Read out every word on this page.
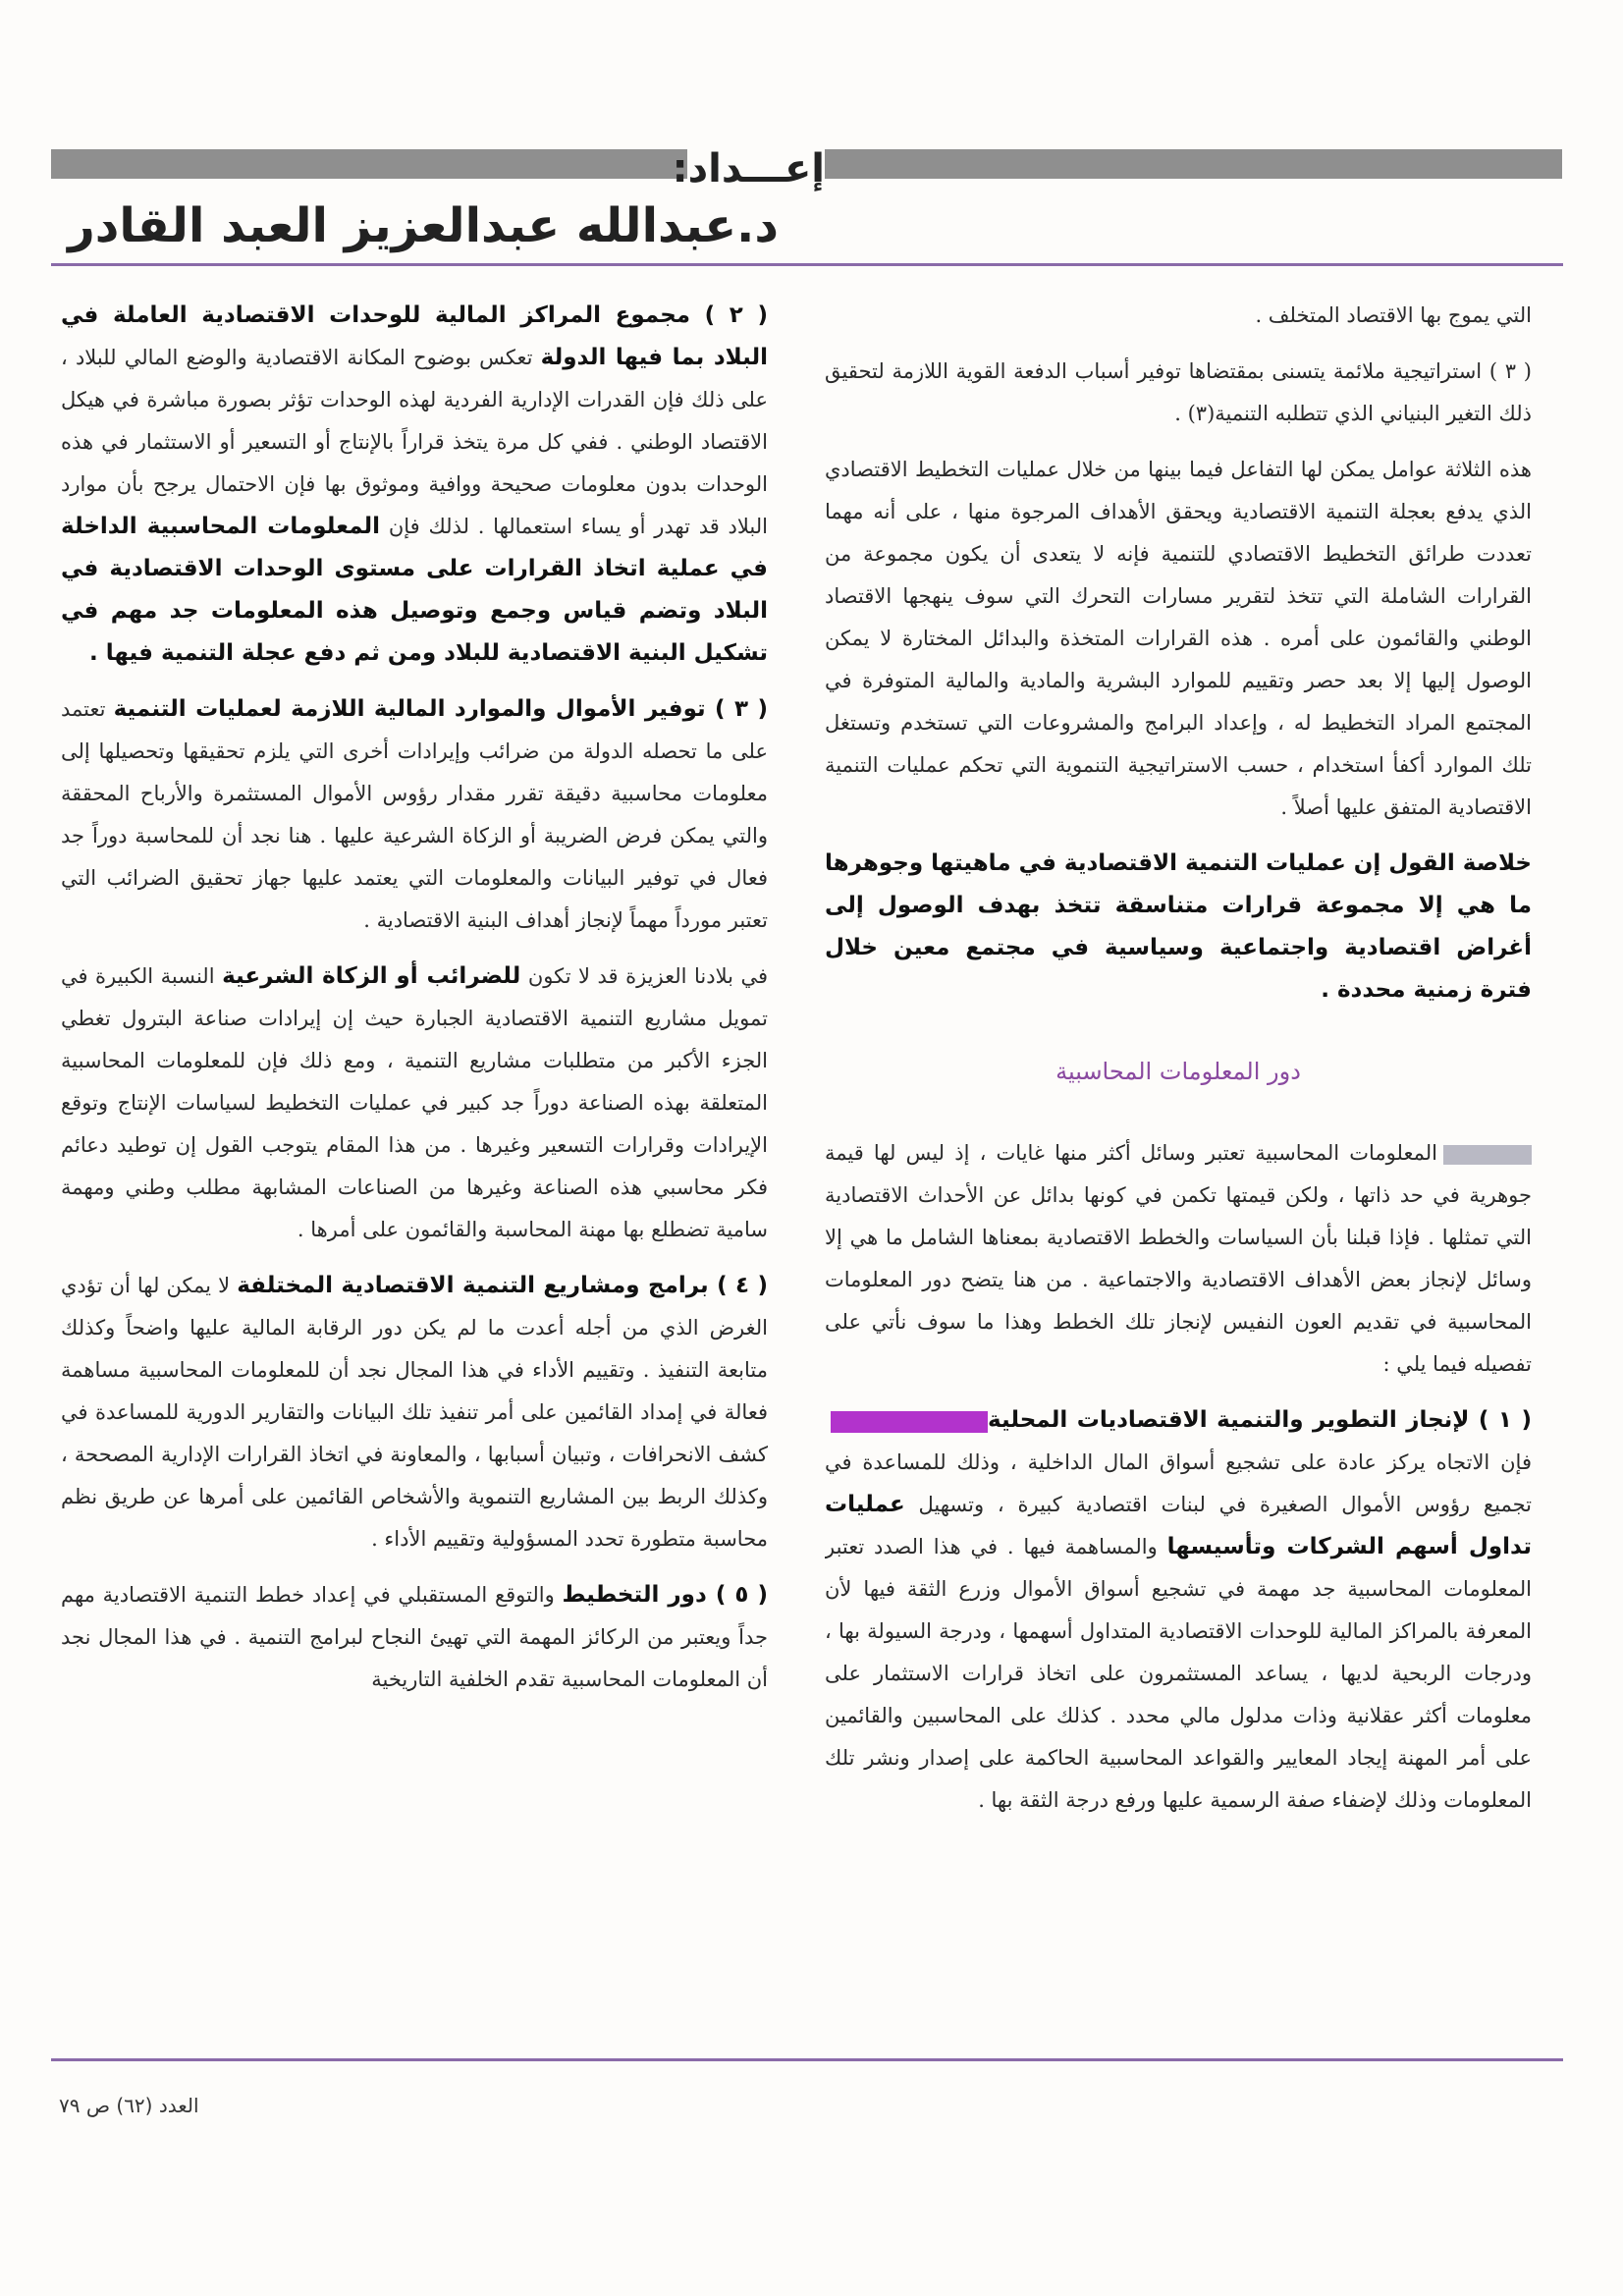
إعـــداد:
د.عبدالله عبدالعزيز العبد القادر

التي يموج بها الاقتصاد المتخلف .

( ٣ ) استراتيجية ملائمة يتسنى بمقتضاها توفير أسباب الدفعة القوية اللازمة لتحقيق ذلك التغير البنياني الذي تتطلبه التنمية(٣) .

هذه الثلاثة عوامل يمكن لها التفاعل فيما بينها من خلال عمليات التخطيط الاقتصادي الذي يدفع بعجلة التنمية الاقتصادية ويحقق الأهداف المرجوة منها ، على أنه مهما تعددت طرائق التخطيط الاقتصادي للتنمية فإنه لا يتعدى أن يكون مجموعة من القرارات الشاملة التي تتخذ لتقرير مسارات التحرك التي سوف ينهجها الاقتصاد الوطني والقائمون على أمره . هذه القرارات المتخذة والبدائل المختارة لا يمكن الوصول إليها إلا بعد حصر وتقييم للموارد البشرية والمادية والمالية المتوفرة في المجتمع المراد التخطيط له ، وإعداد البرامج والمشروعات التي تستخدم وتستغل تلك الموارد أكفأ استخدام ، حسب الاستراتيجية التنموية التي تحكم عمليات التنمية الاقتصادية المتفق عليها أصلاً .

خلاصة القول إن عمليات التنمية الاقتصادية في ماهيتها وجوهرها ما هي إلا مجموعة قرارات متناسقة تتخذ بهدف الوصول إلى أغراض اقتصادية واجتماعية وسياسية في مجتمع معين خلال فترة زمنية محددة .

دور المعلومات المحاسبية

المعلومات المحاسبية تعتبر وسائل أكثر منها غايات ، إذ ليس لها قيمة جوهرية في حد ذاتها ، ولكن قيمتها تكمن في كونها بدائل عن الأحداث الاقتصادية التي تمثلها . فإذا قبلنا بأن السياسات والخطط الاقتصادية بمعناها الشامل ما هي إلا وسائل لإنجاز بعض الأهداف الاقتصادية والاجتماعية . من هنا يتضح دور المعلومات المحاسبية في تقديم العون النفيس لإنجاز تلك الخطط وهذا ما سوف نأتي على تفصيله فيما يلي :

( ١ ) لإنجاز التطوير والتنمية الاقتصاديات المحلية فإن الاتجاه يركز عادة على تشجيع أسواق المال الداخلية ، وذلك للمساعدة في تجميع رؤوس الأموال الصغيرة في لبنات اقتصادية كبيرة ، وتسهيل عمليات تداول أسهم الشركات وتأسيسها والمساهمة فيها . في هذا الصدد تعتبر المعلومات المحاسبية جد مهمة في تشجيع أسواق الأموال وزرع الثقة فيها لأن المعرفة بالمراكز المالية للوحدات الاقتصادية المتداول أسهمها ، ودرجة السيولة بها ، ودرجات الربحية لديها ، يساعد المستثمرون على اتخاذ قرارات الاستثمار على معلومات أكثر عقلانية وذات مدلول مالي محدد . كذلك على المحاسبين والقائمين على أمر المهنة إيجاد المعايير والقواعد المحاسبية الحاكمة على إصدار ونشر تلك المعلومات وذلك لإضفاء صفة الرسمية عليها ورفع درجة الثقة بها .

( ٢ ) مجموع المراكز المالية للوحدات الاقتصادية العاملة في البلاد بما فيها الدولة تعكس بوضوح المكانة الاقتصادية والوضع المالي للبلاد ، على ذلك فإن القدرات الإدارية الفردية لهذه الوحدات تؤثر بصورة مباشرة في هيكل الاقتصاد الوطني . ففي كل مرة يتخذ قراراً بالإنتاج أو التسعير أو الاستثمار في هذه الوحدات بدون معلومات صحيحة ووافية وموثوق بها فإن الاحتمال يرجح بأن موارد البلاد قد تهدر أو يساء استعمالها . لذلك فإن المعلومات المحاسبية الداخلة في عملية اتخاذ القرارات على مستوى الوحدات الاقتصادية في البلاد وتضم قياس وجمع وتوصيل هذه المعلومات جد مهم في تشكيل البنية الاقتصادية للبلاد ومن ثم دفع عجلة التنمية فيها .

( ٣ ) توفير الأموال والموارد المالية اللازمة لعمليات التنمية تعتمد على ما تحصله الدولة من ضرائب وإيرادات أخرى التي يلزم تحقيقها وتحصيلها إلى معلومات محاسبية دقيقة تقرر مقدار رؤوس الأموال المستثمرة والأرباح المحققة والتي يمكن فرض الضريبة أو الزكاة الشرعية عليها . هنا نجد أن للمحاسبة دوراً جد فعال في توفير البيانات والمعلومات التي يعتمد عليها جهاز تحقيق الضرائب التي تعتبر مورداً مهماً لإنجاز أهداف البنية الاقتصادية .

في بلادنا العزيزة قد لا تكون للضرائب أو الزكاة الشرعية النسبة الكبيرة في تمويل مشاريع التنمية الاقتصادية الجبارة حيث إن إيرادات صناعة البترول تغطي الجزء الأكبر من متطلبات مشاريع التنمية ، ومع ذلك فإن للمعلومات المحاسبية المتعلقة بهذه الصناعة دوراً جد كبير في عمليات التخطيط لسياسات الإنتاج وتوقع الإيرادات وقرارات التسعير وغيرها . من هذا المقام يتوجب القول إن توطيد دعائم فكر محاسبي هذه الصناعة وغيرها من الصناعات المشابهة مطلب وطني ومهمة سامية تضطلع بها مهنة المحاسبة والقائمون على أمرها .

( ٤ ) برامج ومشاريع التنمية الاقتصادية المختلفة لا يمكن لها أن تؤدي الغرض الذي من أجله أعدت ما لم يكن دور الرقابة المالية عليها واضحاً وكذلك متابعة التنفيذ . وتقييم الأداء في هذا المجال نجد أن للمعلومات المحاسبية مساهمة فعالة في إمداد القائمين على أمر تنفيذ تلك البيانات والتقارير الدورية للمساعدة في كشف الانحرافات ، وتبيان أسبابها ، والمعاونة في اتخاذ القرارات الإدارية المصححة ، وكذلك الربط بين المشاريع التنموية والأشخاص القائمين على أمرها عن طريق نظم محاسبة متطورة تحدد المسؤولية وتقييم الأداء .

( ٥ ) دور التخطيط والتوقع المستقبلي في إعداد خطط التنمية الاقتصادية مهم جداً ويعتبر من الركائز المهمة التي تهيئ النجاح لبرامج التنمية . في هذا المجال نجد أن المعلومات المحاسبية تقدم الخلفية التاريخية

العدد (٦٢) ص ٧٩
